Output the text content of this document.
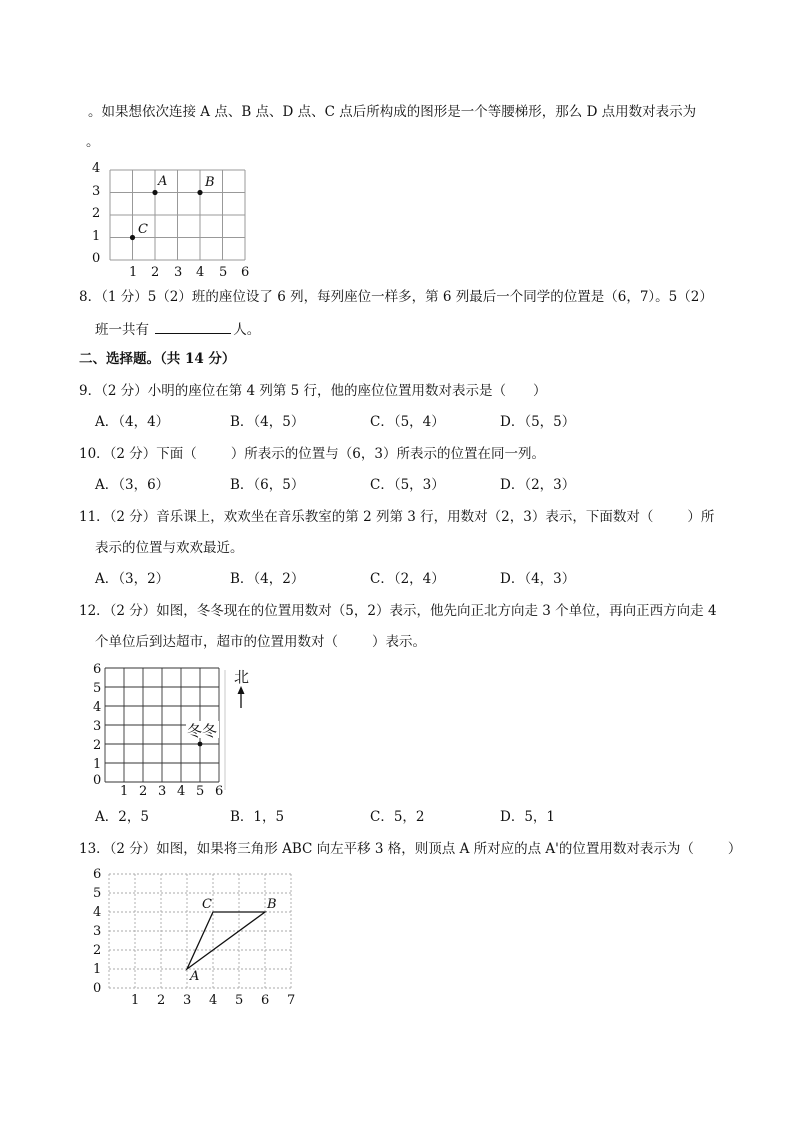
。如果想依次连接 A 点、B 点、D 点、C 点后所构成的图形是一个等腰梯形，那么 D 点用数对表示为
。
4
3
2
1
0
1 2 3 4 5 6
A	B
C
8．（1 分）5（2）班的座位设了 6 列，每列座位一样多，第 6 列最后一个同学的位置是（6，7）。5（2）
班一共有	人。
二、选择题。（共 14 分）
9．（2 分）小明的座位在第 4 列第 5 行，他的座位位置用数对表示是（　　）
A．（4，4）	B．（4，5）	C．（5，4）	D．（5，5）
10．（2 分）下面（	）所表示的位置与（6，3）所表示的位置在同一列。
A．（3，6）	B．（6，5）	C．（5，3）	D．（2，3）
11．（2 分）音乐课上，欢欢坐在音乐教室的第 2 列第 3 行，用数对（2，3）表示，下面数对（	）所
表示的位置与欢欢最近。
A．（3，2）	B．（4，2）	C．（2，4）	D．（4，3）
12．（2 分）如图，冬冬现在的位置用数对（5，2）表示，他先向正北方向走 3 个单位，再向正西方向走 4
个单位后到达超市，超市的位置用数对（	）表示。
6
5
4
3
2
1
0
1 2 3 4 5 6
冬冬
北
A．2，5	B．1，5	C．5，2	D．5，1
13．（2 分）如图，如果将三角形 ABC 向左平移 3 格，则顶点 A 所对应的点 A'的位置用数对表示为（	）
6
5
4
3
2
1
0
1 2 3 4 5 6 7
A
B
C
